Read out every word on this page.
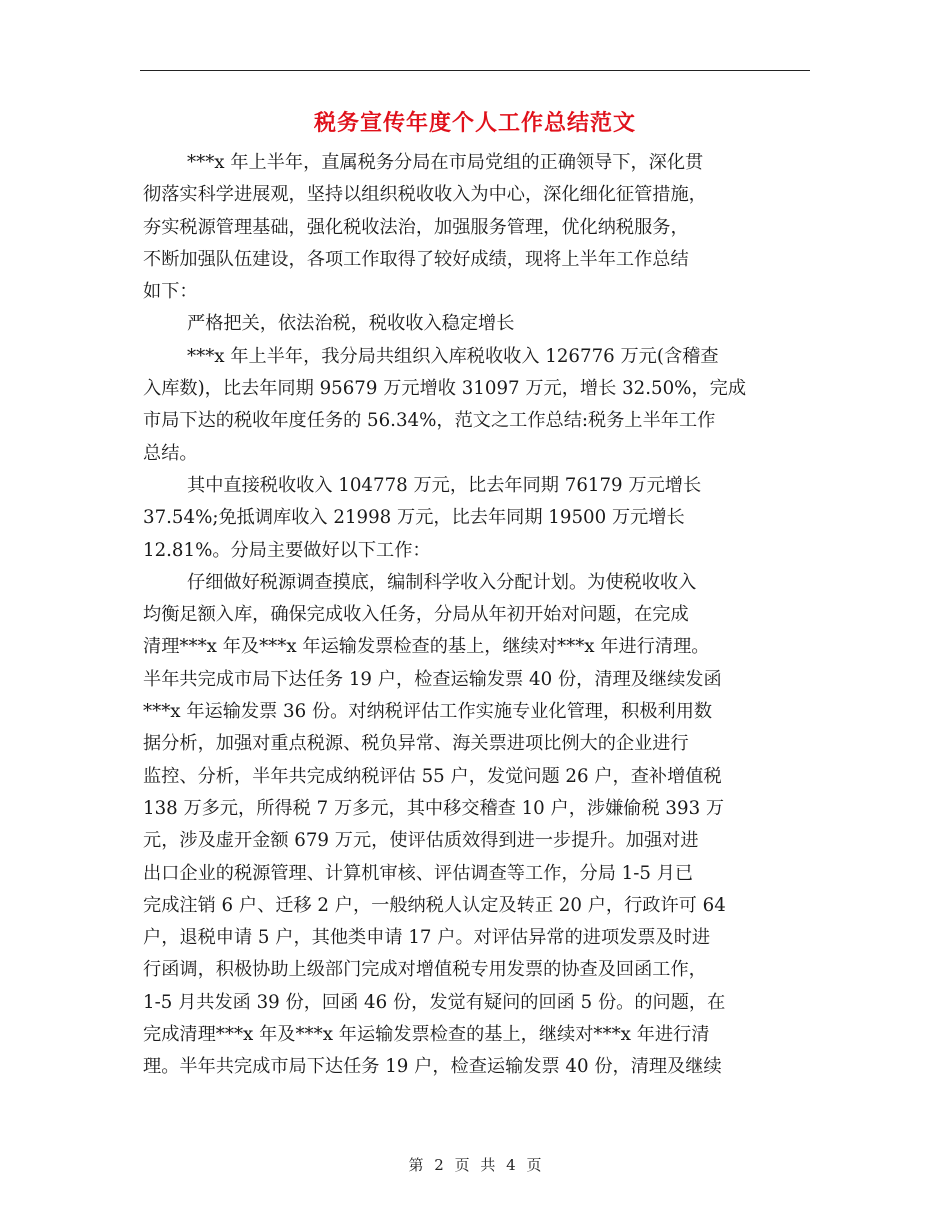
税务宣传年度个人工作总结范文
***x 年上半年，直属税务分局在市局党组的正确领导下，深化贯
彻落实科学进展观，坚持以组织税收收入为中心，深化细化征管措施，
夯实税源管理基础，强化税收法治，加强服务管理，优化纳税服务，
不断加强队伍建设，各项工作取得了较好成绩，现将上半年工作总结
如下：
严格把关，依法治税，税收收入稳定增长
***x 年上半年，我分局共组织入库税收收入 126776 万元(含稽查
入库数)，比去年同期 95679 万元增收 31097 万元，增长 32.50%，完成
市局下达的税收年度任务的 56.34%，范文之工作总结:税务上半年工作
总结。
其中直接税收收入 104778 万元，比去年同期 76179 万元增长
37.54%;免抵调库收入 21998 万元，比去年同期 19500 万元增长
12.81%。分局主要做好以下工作：
仔细做好税源调查摸底，编制科学收入分配计划。为使税收收入
均衡足额入库，确保完成收入任务，分局从年初开始对问题，在完成
清理***x 年及***x 年运输发票检查的基上，继续对***x 年进行清理。
半年共完成市局下达任务 19 户，检查运输发票 40 份，清理及继续发函
***x 年运输发票 36 份。对纳税评估工作实施专业化管理，积极利用数
据分析，加强对重点税源、税负异常、海关票进项比例大的企业进行
监控、分析，半年共完成纳税评估 55 户，发觉问题 26 户，查补增值税
138 万多元，所得税 7 万多元，其中移交稽查 10 户，涉嫌偷税 393 万
元，涉及虚开金额 679 万元，使评估质效得到进一步提升。加强对进
出口企业的税源管理、计算机审核、评估调查等工作，分局 1-5 月已
完成注销 6 户、迁移 2 户，一般纳税人认定及转正 20 户，行政许可 64
户，退税申请 5 户，其他类申请 17 户。对评估异常的进项发票及时进
行函调，积极协助上级部门完成对增值税专用发票的协查及回函工作，
1-5 月共发函 39 份，回函 46 份，发觉有疑问的回函 5 份。的问题，在
完成清理***x 年及***x 年运输发票检查的基上，继续对***x 年进行清
理。半年共完成市局下达任务 19 户，检查运输发票 40 份，清理及继续
第 2 页 共 4 页
